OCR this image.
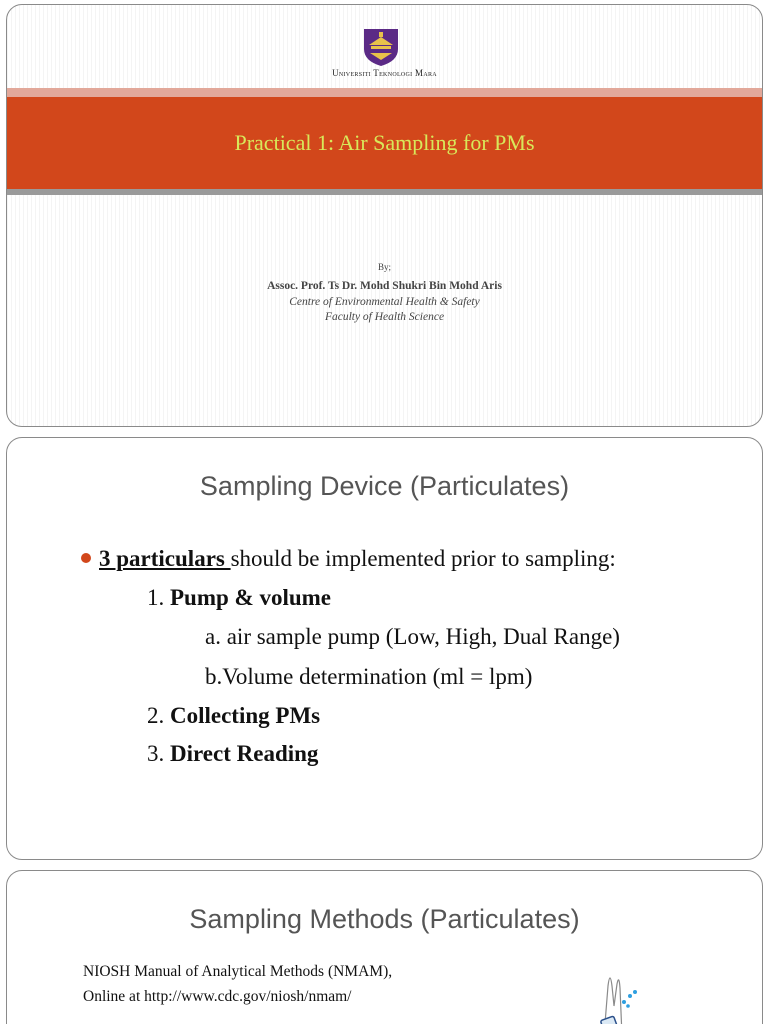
Universiti Teknologi Mara
Practical 1: Air Sampling for PMs
By;
Assoc. Prof. Ts Dr. Mohd Shukri Bin Mohd Aris
Centre of Environmental Health & Safety
Faculty of Health Science
Sampling Device (Particulates)
3 particulars should be implemented prior to sampling:
1. Pump & volume
a. air sample pump (Low, High, Dual Range)
b.Volume determination (ml = lpm)
2. Collecting PMs
3. Direct Reading
Sampling Methods (Particulates)
NIOSH Manual of Analytical Methods (NMAM),
Online at http://www.cdc.gov/niosh/nmam/
